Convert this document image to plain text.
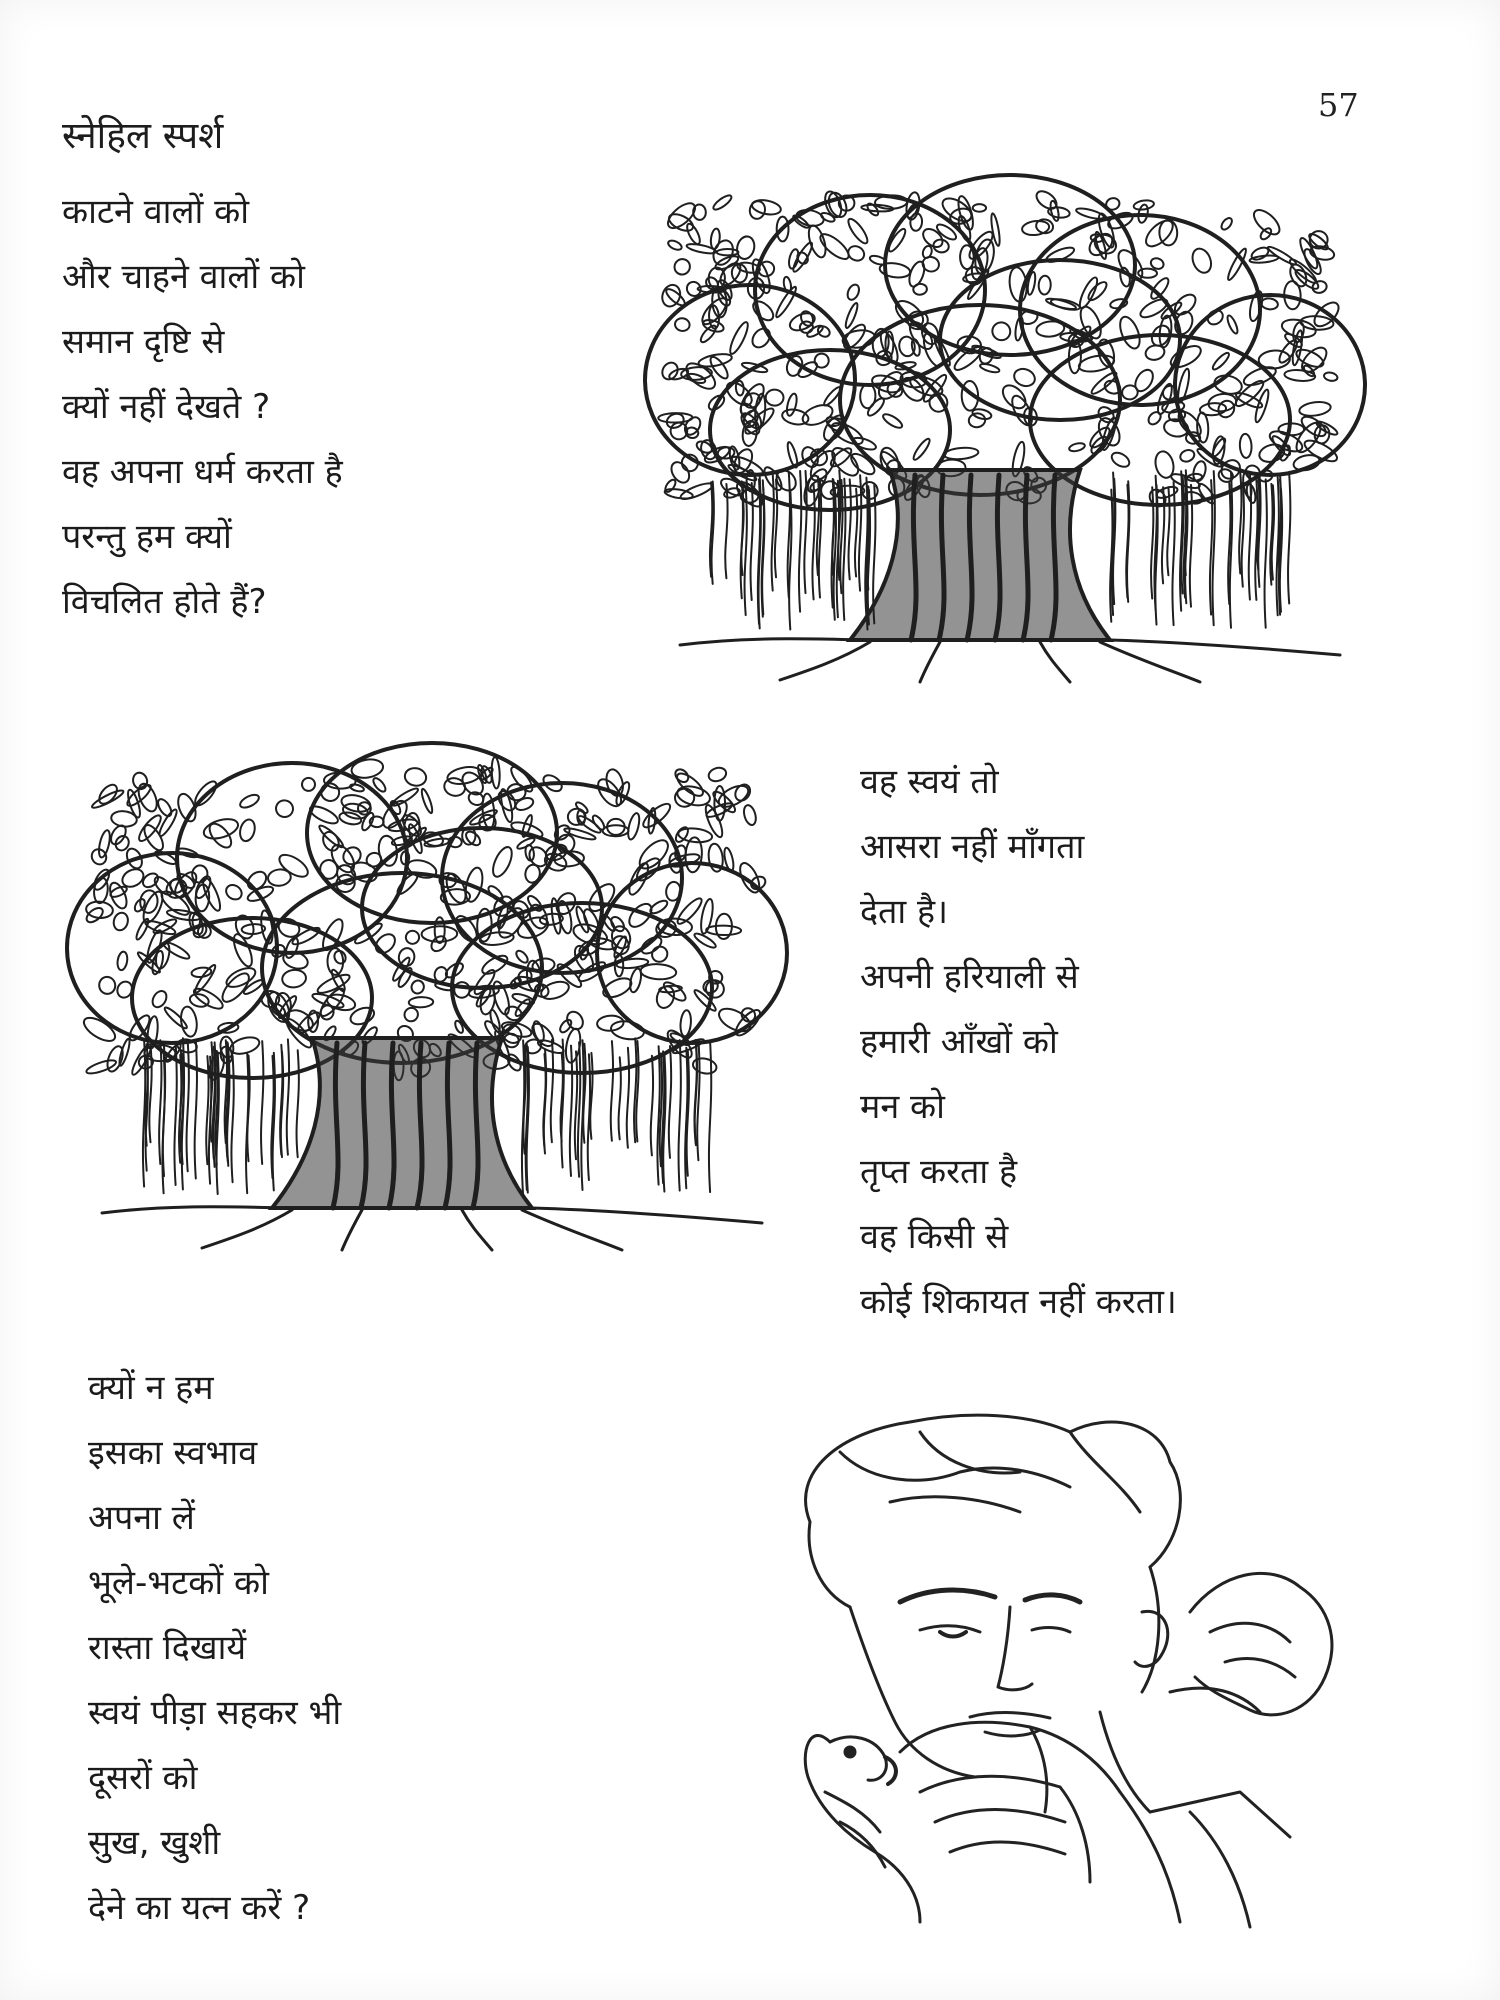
57
स्नेहिल स्पर्श
काटने वालों को
और चाहने वालों को
समान दृष्टि से
क्यों नहीं देखते ?
वह अपना धर्म करता है
परन्तु हम क्यों
विचलित होते हैं?
वह स्वयं तो
आसरा नहीं माँगता
देता है।
अपनी हरियाली से
हमारी आँखों को
मन को
तृप्त करता है
वह किसी से
कोई शिकायत नहीं करता।
क्यों न हम
इसका स्वभाव
अपना लें
भूले-भटकों को
रास्ता दिखायें
स्वयं पीड़ा सहकर भी
दूसरों को
सुख, खुशी
देने का यत्न करें ?
